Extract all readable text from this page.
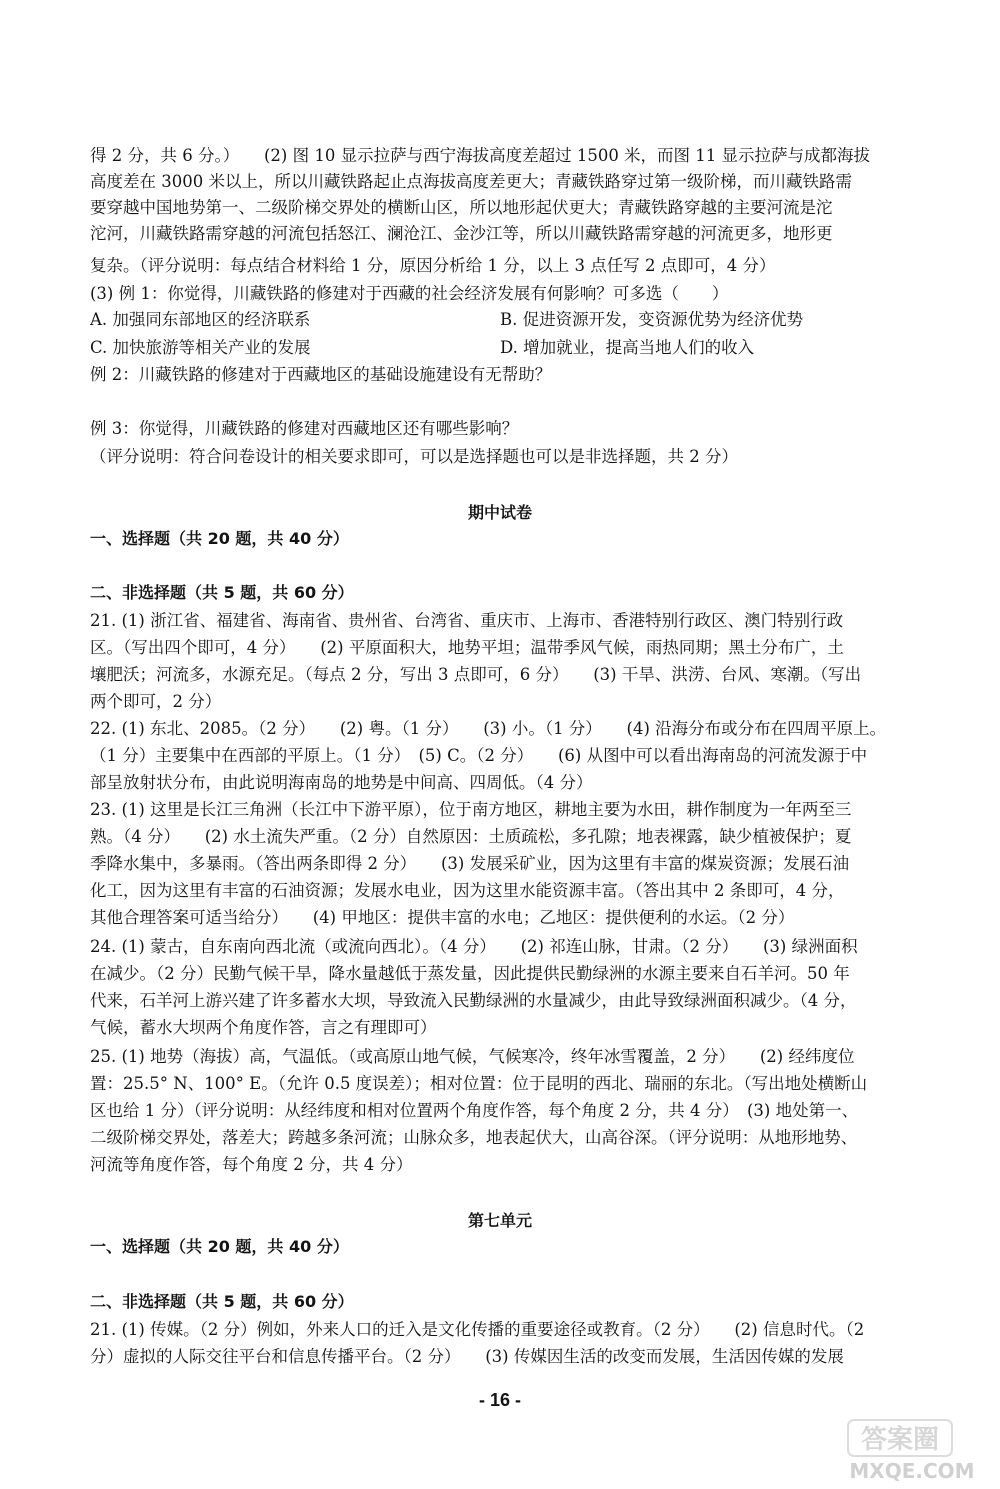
得 2 分，共 6 分。）　　(2) 图 10 显示拉萨与西宁海拔高度差超过 1500 米，而图 11 显示拉萨与成都海拔
高度差在 3000 米以上，所以川藏铁路起止点海拔高度差更大；青藏铁路穿过第一级阶梯，而川藏铁路需
要穿越中国地势第一、二级阶梯交界处的横断山区，所以地形起伏更大；青藏铁路穿越的主要河流是沱
沱河，川藏铁路需穿越的河流包括怒江、澜沧江、金沙江等，所以川藏铁路需穿越的河流更多，地形更
复杂。（评分说明：每点结合材料给 1 分，原因分析给 1 分，以上 3 点任写 2 点即可，4 分）
(3) 例 1：你觉得，川藏铁路的修建对于西藏的社会经济发展有何影响？可多选（　　）
A. 加强同东部地区的经济联系	B. 促进资源开发，变资源优势为经济优势
C. 加快旅游等相关产业的发展	D. 增加就业，提高当地人们的收入
例 2：川藏铁路的修建对于西藏地区的基础设施建设有无帮助？
例 3：你觉得，川藏铁路的修建对西藏地区还有哪些影响？
（评分说明：符合问卷设计的相关要求即可，可以是选择题也可以是非选择题，共 2 分）
期中试卷
一、选择题（共 20 题，共 40 分）
二、非选择题（共 5 题，共 60 分）
21. (1) 浙江省、福建省、海南省、贵州省、台湾省、重庆市、上海市、香港特别行政区、澳门特别行政
区。（写出四个即可，4 分）　　(2) 平原面积大，地势平坦；温带季风气候，雨热同期；黑土分布广，土
壤肥沃；河流多，水源充足。（每点 2 分，写出 3 点即可，6 分）　　(3) 干旱、洪涝、台风、寒潮。（写出
两个即可，2 分）
22. (1) 东北、2085。（2 分）　　(2) 粤。（1 分）　　(3) 小。（1 分）　　(4) 沿海分布或分布在四周平原上。
（1 分）主要集中在西部的平原上。（1 分）　(5) C。（2 分）　　(6) 从图中可以看出海南岛的河流发源于中
部呈放射状分布，由此说明海南岛的地势是中间高、四周低。（4 分）
23. (1) 这里是长江三角洲（长江中下游平原），位于南方地区，耕地主要为水田，耕作制度为一年两至三
熟。（4 分）　　(2) 水土流失严重。（2 分）自然原因：土质疏松，多孔隙；地表裸露，缺少植被保护；夏
季降水集中，多暴雨。（答出两条即得 2 分）　　(3) 发展采矿业，因为这里有丰富的煤炭资源；发展石油
化工，因为这里有丰富的石油资源；发展水电业，因为这里水能资源丰富。（答出其中 2 条即可，4 分，
其他合理答案可适当给分）　　(4) 甲地区：提供丰富的水电；乙地区：提供便利的水运。（2 分）
24. (1) 蒙古，自东南向西北流（或流向西北）。（4 分）　　(2) 祁连山脉，甘肃。（2 分）　　(3) 绿洲面积
在减少。（2 分）民勤气候干旱，降水量越低于蒸发量，因此提供民勤绿洲的水源主要来自石羊河。50 年
代来，石羊河上游兴建了许多蓄水大坝，导致流入民勤绿洲的水量减少，由此导致绿洲面积减少。（4 分，
气候，蓄水大坝两个角度作答，言之有理即可）
25. (1) 地势（海拔）高，气温低。（或高原山地气候，气候寒冷，终年冰雪覆盖，2 分）　　(2) 经纬度位
置：25.5° N、100° E。（允许 0.5 度误差）；相对位置：位于昆明的西北、瑞丽的东北。（写出地处横断山
区也给 1 分）（评分说明：从经纬度和相对位置两个角度作答，每个角度 2 分，共 4 分）　(3) 地处第一、
二级阶梯交界处，落差大；跨越多条河流；山脉众多，地表起伏大，山高谷深。（评分说明：从地形地势、
河流等角度作答，每个角度 2 分，共 4 分）
第七单元
一、选择题（共 20 题，共 40 分）
二、非选择题（共 5 题，共 60 分）
21. (1) 传媒。（2 分）例如，外来人口的迁入是文化传播的重要途径或教育。（2 分）　　(2) 信息时代。（2
分）虚拟的人际交往平台和信息传播平台。（2 分）　　(3) 传媒因生活的改变而发展，生活因传媒的发展
- 16 -
答案圈
MXQE.COM
